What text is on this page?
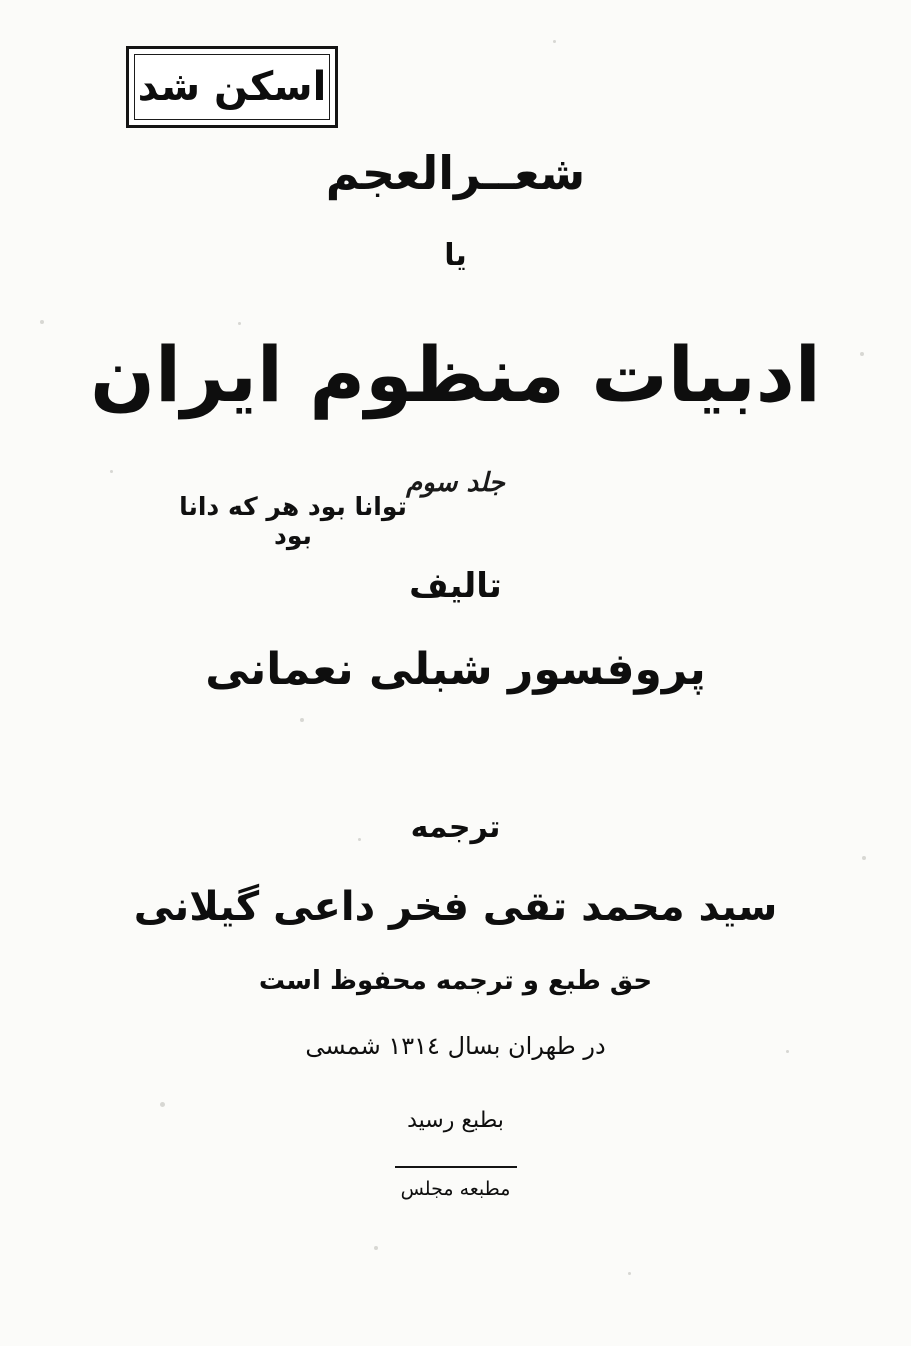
اسكن شد
شعــرالعجم
یا
ادبیات منظوم ایران
جلد سوم
توانا بود هر که دانا بود
تالیف
پروفسور شبلی نعمانی
ترجمه
سید محمد تقی فخر داعی گیلانی
حق طبع و ترجمه محفوظ است
در طهران بسال ١٣١٤ شمسی
بطبع رسید
مطبعه مجلس
